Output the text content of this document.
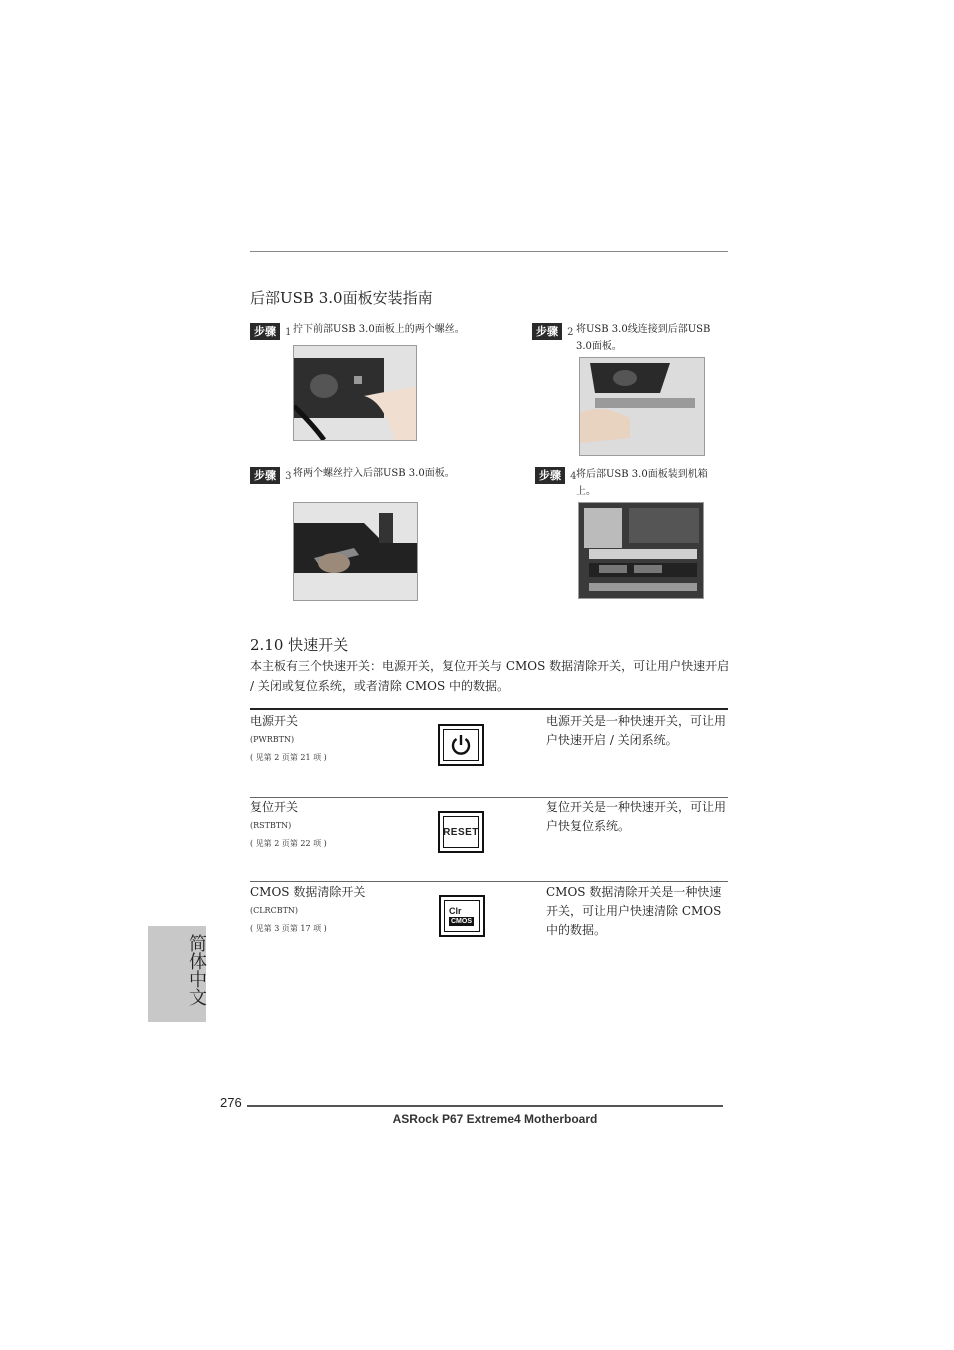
后部USB 3.0面板安装指南
步骤 1 拧下前部USB 3.0面板上的两个螺丝。	步骤 2 将USB 3.0线连接到后部USB 3.0面板。
步骤 3 将两个螺丝拧入后部USB 3.0面板。	步骤 4 将后部USB 3.0面板装到机箱上。
2.10 快速开关
本主板有三个快速开关：电源开关，复位开关与 CMOS 数据清除开关，可让用户快速开启 / 关闭或复位系统，或者清除 CMOS 中的数据。
电源开关
(PWRBTN)
( 见第 2 页第 21 项 )
电源开关是一种快速开关，可让用户快速开启 / 关闭系统。
复位开关
(RSTBTN)
( 见第 2 页第 22 项 )
RESET
复位开关是一种快速开关，可让用户快复位系统。
CMOS 数据清除开关
(CLRCBTN)
( 见第 3 页第 17 项 )
Clr
CMOS
CMOS 数据清除开关是一种快速开关，可让用户快速清除 CMOS 中的数据。
简体中文
276
ASRock P67 Extreme4 Motherboard
